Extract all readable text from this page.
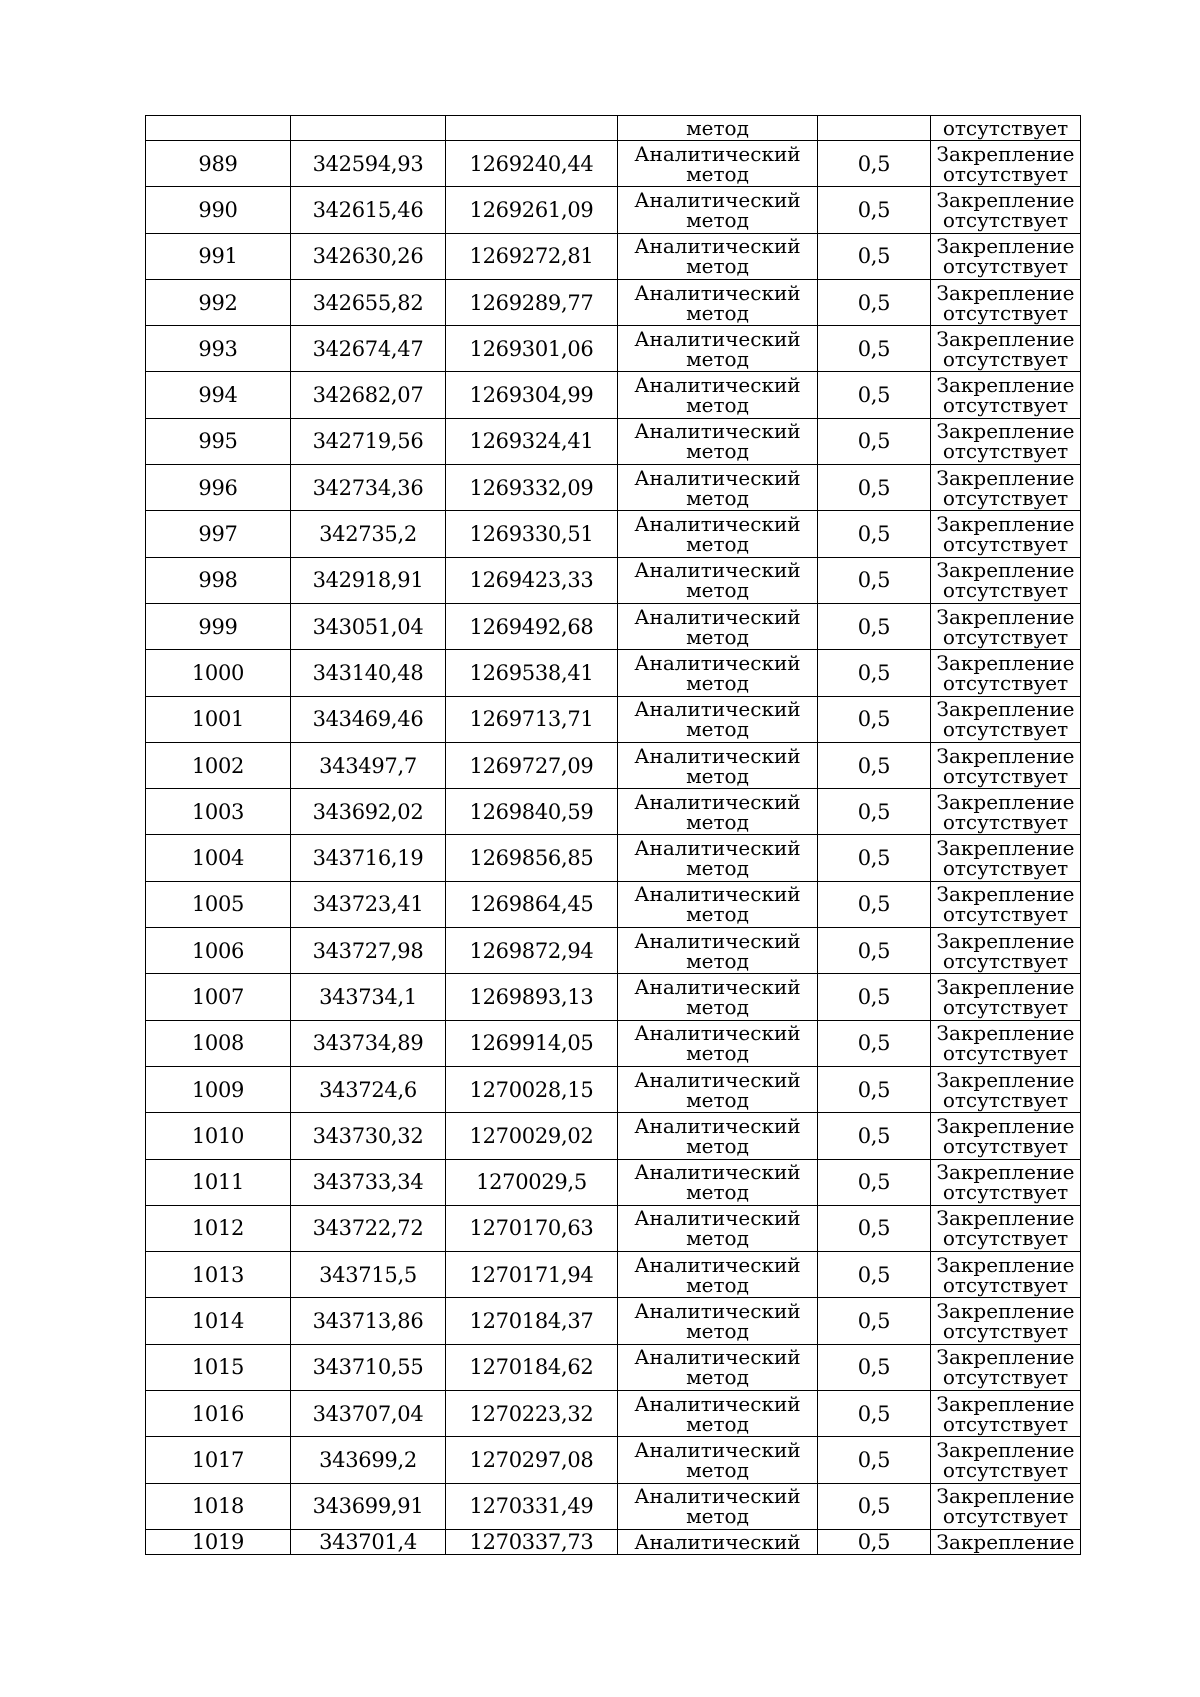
			метод		отсутствует
989	342594,93	1269240,44	Аналитический
метод	0,5	Закрепление
отсутствует

990	342615,46	1269261,09	Аналитический
метод	0,5	Закрепление
отсутствует

991	342630,26	1269272,81	Аналитический
метод	0,5	Закрепление
отсутствует

992	342655,82	1269289,77	Аналитический
метод	0,5	Закрепление
отсутствует

993	342674,47	1269301,06	Аналитический
метод	0,5	Закрепление
отсутствует

994	342682,07	1269304,99	Аналитический
метод	0,5	Закрепление
отсутствует

995	342719,56	1269324,41	Аналитический
метод	0,5	Закрепление
отсутствует

996	342734,36	1269332,09	Аналитический
метод	0,5	Закрепление
отсутствует

997	342735,2	1269330,51	Аналитический
метод	0,5	Закрепление
отсутствует

998	342918,91	1269423,33	Аналитический
метод	0,5	Закрепление
отсутствует

999	343051,04	1269492,68	Аналитический
метод	0,5	Закрепление
отсутствует

1000	343140,48	1269538,41	Аналитический
метод	0,5	Закрепление
отсутствует

1001	343469,46	1269713,71	Аналитический
метод	0,5	Закрепление
отсутствует

1002	343497,7	1269727,09	Аналитический
метод	0,5	Закрепление
отсутствует

1003	343692,02	1269840,59	Аналитический
метод	0,5	Закрепление
отсутствует

1004	343716,19	1269856,85	Аналитический
метод	0,5	Закрепление
отсутствует

1005	343723,41	1269864,45	Аналитический
метод	0,5	Закрепление
отсутствует

1006	343727,98	1269872,94	Аналитический
метод	0,5	Закрепление
отсутствует

1007	343734,1	1269893,13	Аналитический
метод	0,5	Закрепление
отсутствует

1008	343734,89	1269914,05	Аналитический
метод	0,5	Закрепление
отсутствует

1009	343724,6	1270028,15	Аналитический
метод	0,5	Закрепление
отсутствует

1010	343730,32	1270029,02	Аналитический
метод	0,5	Закрепление
отсутствует

1011	343733,34	1270029,5	Аналитический
метод	0,5	Закрепление
отсутствует

1012	343722,72	1270170,63	Аналитический
метод	0,5	Закрепление
отсутствует

1013	343715,5	1270171,94	Аналитический
метод	0,5	Закрепление
отсутствует

1014	343713,86	1270184,37	Аналитический
метод	0,5	Закрепление
отсутствует

1015	343710,55	1270184,62	Аналитический
метод	0,5	Закрепление
отсутствует

1016	343707,04	1270223,32	Аналитический
метод	0,5	Закрепление
отсутствует

1017	343699,2	1270297,08	Аналитический
метод	0,5	Закрепление
отсутствует

1018	343699,91	1270331,49	Аналитический
метод	0,5	Закрепление
отсутствует

1019	343701,4	1270337,73	Аналитический	0,5	Закрепление
